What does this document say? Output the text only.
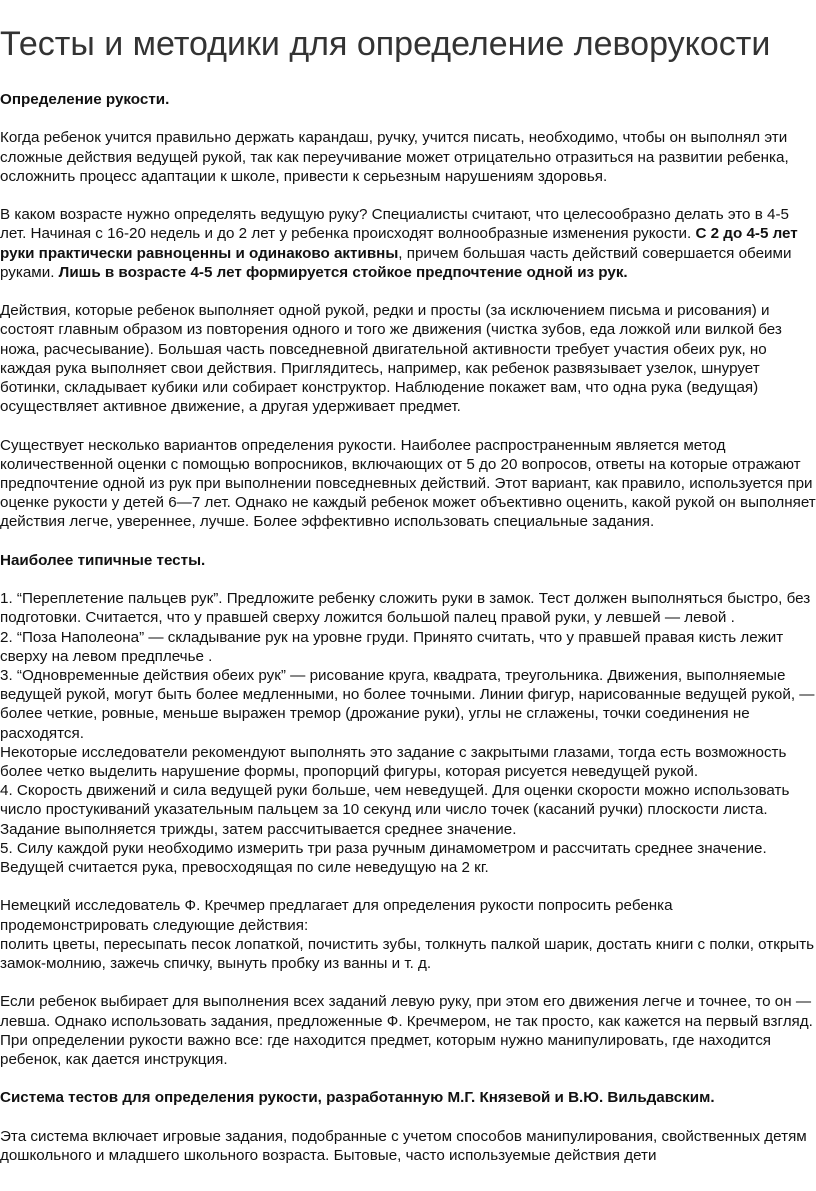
Тесты и методики для определение леворукости

Определение рукости.

Когда ребенок учится правильно держать карандаш, ручку, учится писать, необходимо, чтобы он выполнял эти сложные действия ведущей рукой, так как переучивание может отрицательно отразиться на развитии ребенка, осложнить процесс адаптации к школе, привести к серьезным нарушениям здоровья.

В каком возрасте нужно определять ведущую руку? Специалисты считают, что целесообразно делать это в 4-5 лет. Начиная с 16-20 недель и до 2 лет у ребенка происходят волнообразные изменения рукости. С 2 до 4-5 лет руки практически равноценны и одинаково активны, причем большая часть действий совершается обеими руками. Лишь в возрасте 4-5 лет формируется стойкое предпочтение одной из рук.

Действия, которые ребенок выполняет одной рукой, редки и просты (за исключением письма и рисования) и состоят главным образом из повторения одного и того же движения (чистка зубов, еда ложкой или вилкой без ножа, расчесывание). Большая часть повседневной двигательной активности требует участия обеих рук, но каждая рука выполняет свои действия. Приглядитесь, например, как ребенок развязывает узелок, шнурует ботинки, складывает кубики или собирает конструктор. Наблюдение покажет вам, что одна рука (ведущая) осуществляет активное движение, а другая удерживает предмет.

Существует несколько вариантов определения рукости. Наиболее распространенным является метод количественной оценки с помощью вопросников, включающих от 5 до 20 вопросов, ответы на которые отражают предпочтение одной из рук при выполнении повседневных действий. Этот вариант, как правило, используется при оценке рукости у детей 6—7 лет. Однако не каждый ребенок может объективно оценить, какой рукой он выполняет действия легче, увереннее, лучше. Более эффективно использовать специальные задания.

Наиболее типичные тесты.

1. “Переплетение пальцев рук”. Предложите ребенку сложить руки в замок. Тест должен выполняться быстро, без подготовки. Считается, что у правшей сверху ложится большой палец правой руки, у левшей — левой .

2. “Поза Наполеона” — складывание рук на уровне груди. Принято считать, что у правшей правая кисть лежит сверху на левом предплечье .

3. “Одновременные действия обеих рук” — рисование круга, квадрата, треугольника. Движения, выполняемые ведущей рукой, могут быть более медленными, но более точными. Линии фигур, нарисованные ведущей рукой, — более четкие, ровные, меньше выражен тремор (дрожание руки), углы не сглажены, точки соединения не расходятся.

Некоторые исследователи рекомендуют выполнять это задание с закрытыми глазами, тогда есть возможность более четко выделить нарушение формы, пропорций фигуры, которая рисуется неведущей рукой.

4. Скорость движений и сила ведущей руки больше, чем неведущей. Для оценки скорости можно использовать число простукиваний указательным пальцем за 10 секунд или число точек (касаний ручки) плоскости листа. Задание выполняется трижды, затем рассчитывается среднее значение.

5. Силу каждой руки необходимо измерить три раза ручным динамометром и рассчитать среднее значение. Ведущей считается рука, превосходящая по силе неведущую на 2 кг.

Немецкий исследователь Ф. Кречмер предлагает для определения рукости попросить ребенка продемонстрировать следующие действия:

полить цветы, пересыпать песок лопаткой, почистить зубы, толкнуть палкой шарик, достать книги с полки, открыть замок-молнию, зажечь спичку, вынуть пробку из ванны и т. д.

Если ребенок выбирает для выполнения всех заданий левую руку, при этом его движения легче и точнее, то он — левша. Однако использовать задания, предложенные Ф. Кречмером, не так просто, как кажется на первый взгляд. При определении рукости важно все: где находится предмет, которым нужно манипулировать, где находится ребенок, как дается инструкция.

Система тестов для определения рукости, разработанную М.Г. Князевой и В.Ю. Вильдавским.

Эта система включает игровые задания, подобранные с учетом способов манипулирования, свойственных детям дошкольного и младшего школьного возраста. Бытовые, часто используемые действия дети
